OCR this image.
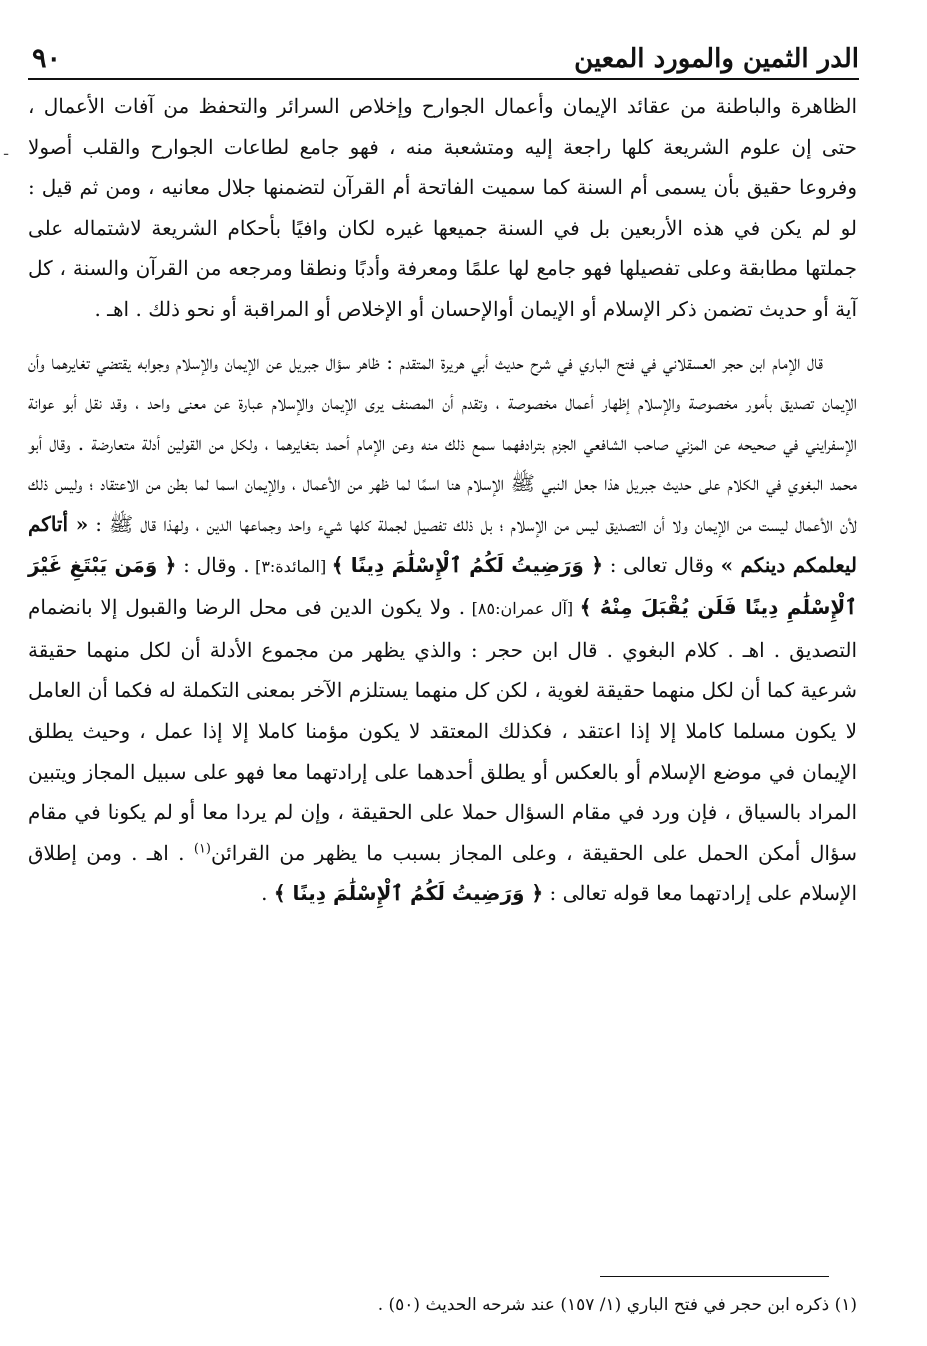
الدر الثمين والمورد المعين
٩٠
ـ

الظاهرة والباطنة من عقائد الإيمان وأعمال الجوارح وإخلاص السرائر والتحفظ من آفات الأعمال ، حتى إن علوم الشريعة كلها راجعة إليه ومتشعبة منه ، فهو جامع لطاعات الجوارح والقلب أصولا وفروعا حقيق بأن يسمى أم السنة كما سميت الفاتحة أم القرآن لتضمنها جلال معانيه ، ومن ثم قيل : لو لم يكن في هذه الأربعين بل في السنة جميعها غيره لكان وافيًا بأحكام الشريعة لاشتماله على جملتها مطابقة وعلى تفصيلها فهو جامع لها علمًا ومعرفة وأدبًا ونطقا ومرجعه من القرآن والسنة ، كل آية أو حديث تضمن ذكر الإسلام أو الإيمان أوالإحسان أو الإخلاص أو المراقبة أو نحو ذلك . اهـ .

قال الإمام ابن حجر العسقلاني في فتح الباري في شرح حديث أبي هريرة المتقدم : ظاهر سؤال جبريل عن الإيمان والإسلام وجوابه يقتضي تغايرهما وأن الإيمان تصديق بأمور مخصوصة والإسلام إظهار أعمال مخصوصة ، وتقدم أن المصنف يرى الإيمان والإسلام عبارة عن معنى واحد ، وقد نقل أبو عوانة الإسفرايني في صحيحه عن المزني صاحب الشافعي الجزم بترادفهما سمع ذلك منه وعن الإمام أحمد بتغايرهما ، ولكل من القولين أدلة متعارضة . وقال أبو محمد البغوي في الكلام على حديث جبريل هذا جعل النبي ﷺ الإسلام هنا اسمًا لما ظهر من الأعمال ، والإيمان اسما لما بطن من الاعتقاد ؛ وليس ذلك لأن الأعمال ليست من الإيمان ولا أن التصديق ليس من الإسلام ؛ بل ذلك تفصيل لجملة كلها شيء واحد وجماعها الدين ، ولهذا قال ﷺ : « أتاكم ليعلمكم دينكم » وقال تعالى : ﴿ وَرَضِيتُ لَكُمُ ٱلْإِسْلَٰمَ دِينًا ﴾ [المائدة:٣] . وقال : ﴿ وَمَن يَبْتَغِ غَيْرَ ٱلْإِسْلَٰمِ دِينًا فَلَن يُقْبَلَ مِنْهُ ﴾ [آل عمران:٨٥] . ولا يكون الدين فى محل الرضا والقبول إلا بانضمام التصديق . اهـ . كلام البغوي . قال ابن حجر : والذي يظهر من مجموع الأدلة أن لكل منهما حقيقة شرعية كما أن لكل منهما حقيقة لغوية ، لكن كل منهما يستلزم الآخر بمعنى التكملة له فكما أن العامل لا يكون مسلما كاملا إلا إذا اعتقد ، فكذلك المعتقد لا يكون مؤمنا كاملا إلا إذا عمل ، وحيث يطلق الإيمان في موضع الإسلام أو بالعكس أو يطلق أحدهما على إرادتهما معا فهو على سبيل المجاز ويتبين المراد بالسياق ، فإن ورد في مقام السؤال حملا على الحقيقة ، وإن لم يردا معا أو لم يكونا في مقام سؤال أمكن الحمل على الحقيقة ، وعلى المجاز بسبب ما يظهر من القرائن$^{(١)}$ . اهـ . ومن إطلاق الإسلام على إرادتهما معا قوله تعالى : ﴿ وَرَضِيتُ لَكُمُ ٱلْإِسْلَٰمَ دِينًا ﴾ .

(١) ذكره ابن حجر في فتح الباري (١/ ١٥٧) عند شرحه الحديث (٥٠) .
